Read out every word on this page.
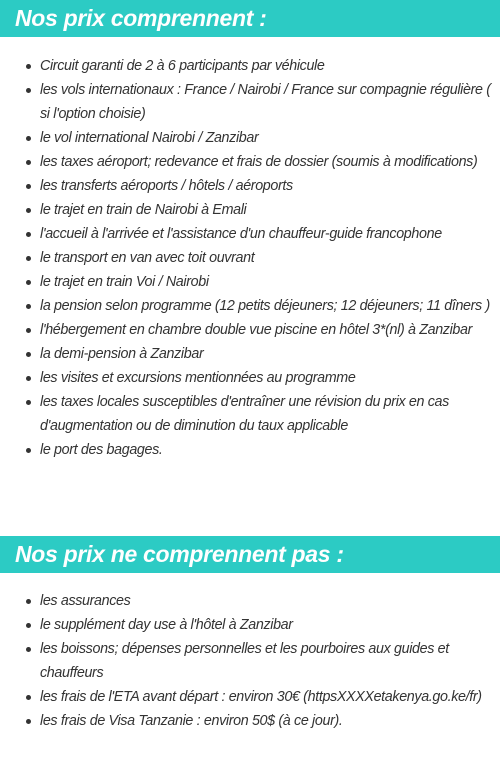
Nos prix comprennent :
Circuit garanti de 2 à 6 participants par véhicule
les vols internationaux : France / Nairobi / France sur compagnie régulière ( si l'option choisie)
le vol international Nairobi / Zanzibar
les taxes aéroport; redevance et frais de dossier (soumis à modifications)
les transferts aéroports / hôtels / aéroports
le trajet en train de Nairobi à Emali
l'accueil à l'arrivée et l'assistance d'un chauffeur-guide francophone
le transport en van avec toit ouvrant
le trajet en train Voi / Nairobi
la pension selon programme (12 petits déjeuners; 12 déjeuners; 11 dîners )
l'hébergement en chambre double vue piscine en hôtel 3*(nl) à Zanzibar
la demi-pension à Zanzibar
les visites et excursions mentionnées au programme
les taxes locales susceptibles d'entraîner une révision du prix en cas d'augmentation ou de diminution du taux applicable
le port des bagages.
Nos prix ne comprennent pas :
les assurances
le supplément day use à l'hôtel à Zanzibar
les boissons; dépenses personnelles et les pourboires aux guides et chauffeurs
les frais de l'ETA avant départ : environ 30€ (httpsXXXXetakenya.go.ke/fr)
les frais de Visa Tanzanie : environ 50$ (à ce jour).
